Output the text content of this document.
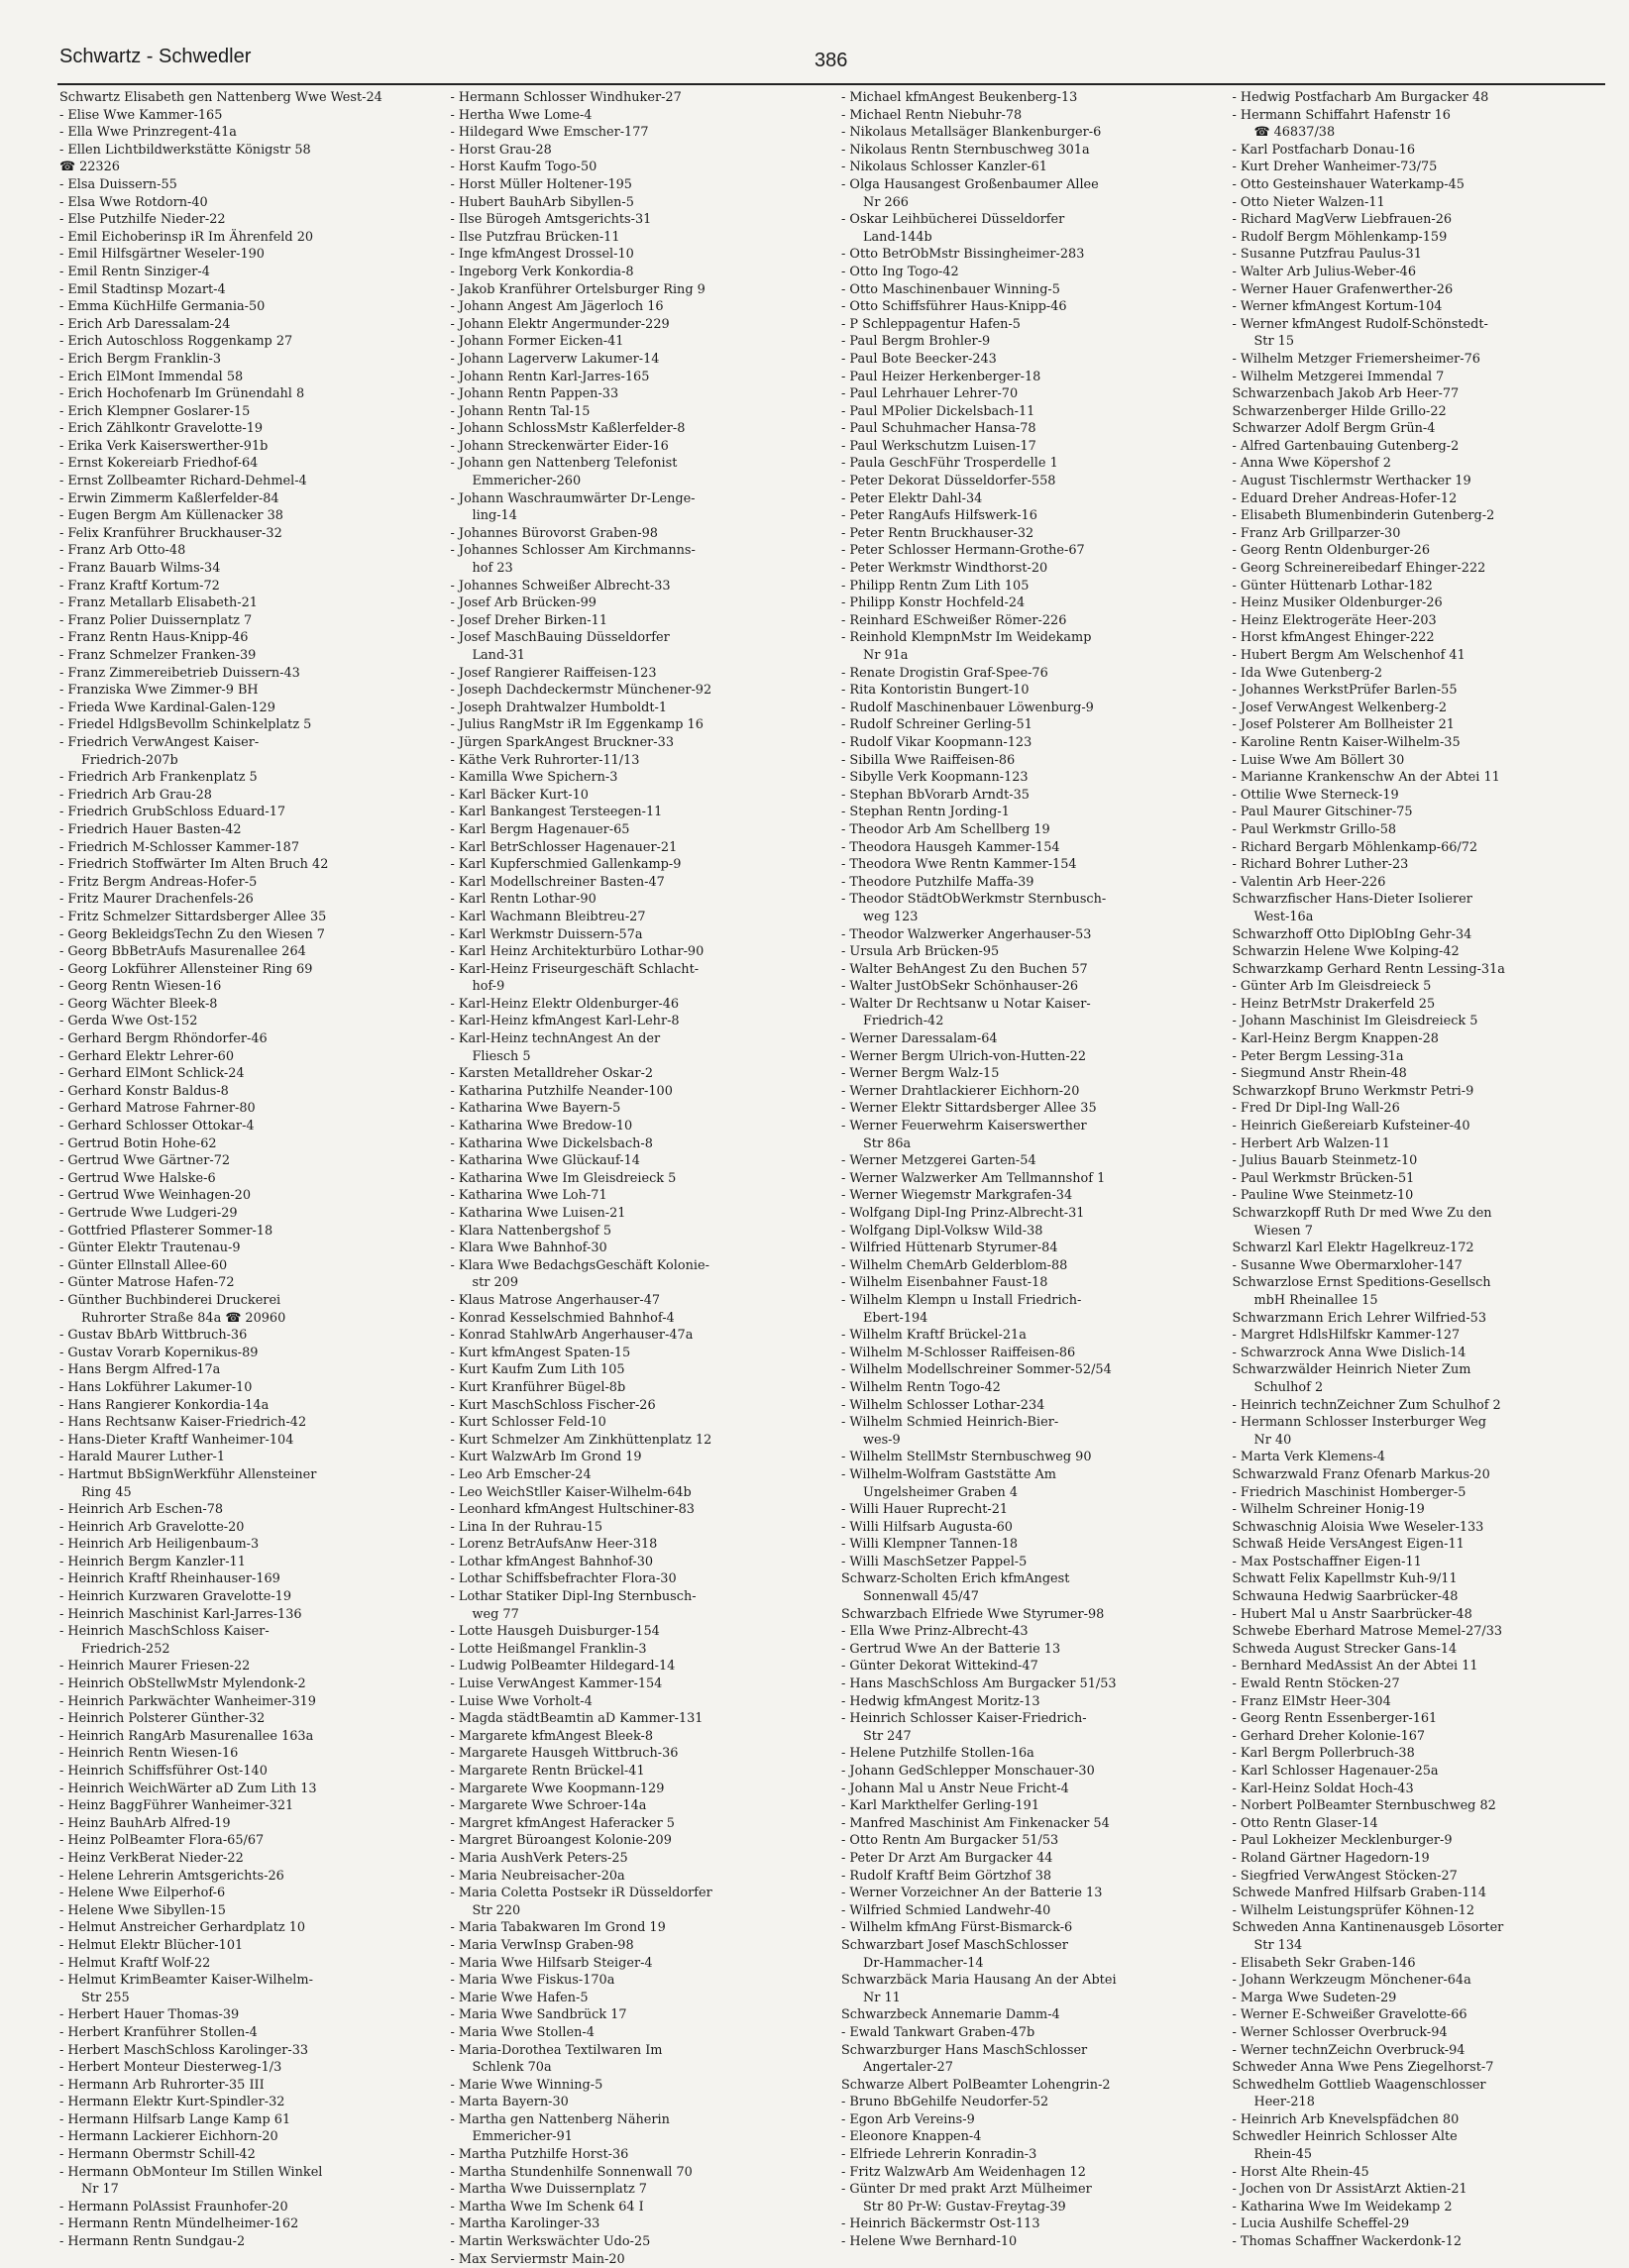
Schwartz - Schwedler	386
Schwartz Elisabeth gen Nattenberg Wwe West-24
- Elise Wwe Kammer-165
- Ella Wwe Prinzregent-41a
- Ellen Lichtbildwerkstätte Königstr 58
☎ 22326
- Elsa Duissern-55
- Elsa Wwe Rotdorn-40
- Else Putzhilfe Nieder-22
- Emil Eichoberinsp iR Im Ährenfeld 20
- Emil Hilfsgärtner Weseler-190
- Emil Rentn Sinziger-4
- Emil Stadtinsp Mozart-4
- Emma KüchHilfe Germania-50
- Erich Arb Daressalam-24
- Erich Autoschloss Roggenkamp 27
- Erich Bergm Franklin-3
- Erich ElMont Immendal 58
- Erich Hochofenarb Im Grünendahl 8
- Erich Klempner Goslarer-15
- Erich Zählkontr Gravelotte-19
- Erika Verk Kaiserswerther-91b
- Ernst Kokereiarb Friedhof-64
- Ernst Zollbeamter Richard-Dehmel-4
- Erwin Zimmerm Kaßlerfelder-84
- Eugen Bergm Am Küllenacker 38
- Felix Kranführer Bruckhauser-32
- Franz Arb Otto-48
- Franz Bauarb Wilms-34
- Franz Kraftf Kortum-72
- Franz Metallarb Elisabeth-21
- Franz Polier Duissernplatz 7
- Franz Rentn Haus-Knipp-46
- Franz Schmelzer Franken-39
- Franz Zimmereibetrieb Duissern-43
- Franziska Wwe Zimmer-9 BH
- Frieda Wwe Kardinal-Galen-129
- Friedel HdlgsBevollm Schinkelplatz 5
- Friedrich VerwAngest Kaiser-
Friedrich-207b
- Friedrich Arb Frankenplatz 5
- Friedrich Arb Grau-28
- Friedrich GrubSchloss Eduard-17
- Friedrich Hauer Basten-42
- Friedrich M-Schlosser Kammer-187
- Friedrich Stoffwärter Im Alten Bruch 42
- Fritz Bergm Andreas-Hofer-5
- Fritz Maurer Drachenfels-26
- Fritz Schmelzer Sittardsberger Allee 35
- Georg BekleidgsTechn Zu den Wiesen 7
- Georg BbBetrAufs Masurenallee 264
- Georg Lokführer Allensteiner Ring 69
- Georg Rentn Wiesen-16
- Georg Wächter Bleek-8
- Gerda Wwe Ost-152
- Gerhard Bergm Rhöndorfer-46
- Gerhard Elektr Lehrer-60
- Gerhard ElMont Schlick-24
- Gerhard Konstr Baldus-8
- Gerhard Matrose Fahrner-80
- Gerhard Schlosser Ottokar-4
- Gertrud Botin Hohe-62
- Gertrud Wwe Gärtner-72
- Gertrud Wwe Halske-6
- Gertrud Wwe Weinhagen-20
- Gertrude Wwe Ludgeri-29
- Gottfried Pflasterer Sommer-18
- Günter Elektr Trautenau-9
- Günter Ellnstall Allee-60
- Günter Matrose Hafen-72
- Günther Buchbinderei Druckerei
Ruhrorter Straße 84a ☎ 20960
- Gustav BbArb Wittbruch-36
- Gustav Vorarb Kopernikus-89
- Hans Bergm Alfred-17a
- Hans Lokführer Lakumer-10
- Hans Rangierer Konkordia-14a
- Hans Rechtsanw Kaiser-Friedrich-42
- Hans-Dieter Kraftf Wanheimer-104
- Harald Maurer Luther-1
- Hartmut BbSignWerkführ Allensteiner
Ring 45
- Heinrich Arb Eschen-78
- Heinrich Arb Gravelotte-20
- Heinrich Arb Heiligenbaum-3
- Heinrich Bergm Kanzler-11
- Heinrich Kraftf Rheinhauser-169
- Heinrich Kurzwaren Gravelotte-19
- Heinrich Maschinist Karl-Jarres-136
- Heinrich MaschSchloss Kaiser-
Friedrich-252
- Heinrich Maurer Friesen-22
- Heinrich ObStellwMstr Mylendonk-2
- Heinrich Parkwächter Wanheimer-319
- Heinrich Polsterer Günther-32
- Heinrich RangArb Masurenallee 163a
- Heinrich Rentn Wiesen-16
- Heinrich Schiffsführer Ost-140
- Heinrich WeichWärter aD Zum Lith 13
- Heinz BaggFührer Wanheimer-321
- Heinz BauhArb Alfred-19
- Heinz PolBeamter Flora-65/67
- Heinz VerkBerat Nieder-22
- Helene Lehrerin Amtsgerichts-26
- Helene Wwe Eilperhof-6
- Helene Wwe Sibyllen-15
- Helmut Anstreicher Gerhardplatz 10
- Helmut Elektr Blücher-101
- Helmut Kraftf Wolf-22
- Helmut KrimBeamter Kaiser-Wilhelm-
Str 255
- Herbert Hauer Thomas-39
- Herbert Kranführer Stollen-4
- Herbert MaschSchloss Karolinger-33
- Herbert Monteur Diesterweg-1/3
- Hermann Arb Ruhrorter-35 III
- Hermann Elektr Kurt-Spindler-32
- Hermann Hilfsarb Lange Kamp 61
- Hermann Lackierer Eichhorn-20
- Hermann Obermstr Schill-42
- Hermann ObMonteur Im Stillen Winkel
Nr 17
- Hermann PolAssist Fraunhofer-20
- Hermann Rentn Mündelheimer-162
- Hermann Rentn Sundgau-2
- Hermann Schlosser Windhuker-27
- Hertha Wwe Lome-4
- Hildegard Wwe Emscher-177
- Horst Grau-28
- Horst Kaufm Togo-50
- Horst Müller Holtener-195
- Hubert BauhArb Sibyllen-5
- Ilse Bürogeh Amtsgerichts-31
- Ilse Putzfrau Brücken-11
- Inge kfmAngest Drossel-10
- Ingeborg Verk Konkordia-8
- Jakob Kranführer Ortelsburger Ring 9
- Johann Angest Am Jägerloch 16
- Johann Elektr Angermunder-229
- Johann Former Eicken-41
- Johann Lagerverw Lakumer-14
- Johann Rentn Karl-Jarres-165
- Johann Rentn Pappen-33
- Johann Rentn Tal-15
- Johann SchlossMstr Kaßlerfelder-8
- Johann Streckenwärter Eider-16
- Johann gen Nattenberg Telefonist
Emmericher-260
- Johann Waschraumwärter Dr-Lenge-
ling-14
- Johannes Bürovorst Graben-98
- Johannes Schlosser Am Kirchmanns-
hof 23
- Johannes Schweißer Albrecht-33
- Josef Arb Brücken-99
- Josef Dreher Birken-11
- Josef MaschBauing Düsseldorfer
Land-31
- Josef Rangierer Raiffeisen-123
- Joseph Dachdeckermstr Münchener-92
- Joseph Drahtwalzer Humboldt-1
- Julius RangMstr iR Im Eggenkamp 16
- Jürgen SparkAngest Bruckner-33
- Käthe Verk Ruhrorter-11/13
- Kamilla Wwe Spichern-3
- Karl Bäcker Kurt-10
- Karl Bankangest Tersteegen-11
- Karl Bergm Hagenauer-65
- Karl BetrSchlosser Hagenauer-21
- Karl Kupferschmied Gallenkamp-9
- Karl Modellschreiner Basten-47
- Karl Rentn Lothar-90
- Karl Wachmann Bleibtreu-27
- Karl Werkmstr Duissern-57a
- Karl Heinz Architekturbüro Lothar-90
- Karl-Heinz Friseurgeschäft Schlacht-
hof-9
- Karl-Heinz Elektr Oldenburger-46
- Karl-Heinz kfmAngest Karl-Lehr-8
- Karl-Heinz technAngest An der
Fliesch 5
- Karsten Metalldreher Oskar-2
- Katharina Putzhilfe Neander-100
- Katharina Wwe Bayern-5
- Katharina Wwe Bredow-10
- Katharina Wwe Dickelsbach-8
- Katharina Wwe Glückauf-14
- Katharina Wwe Im Gleisdreieck 5
- Katharina Wwe Loh-71
- Katharina Wwe Luisen-21
- Klara Nattenbergshof 5
- Klara Wwe Bahnhof-30
- Klara Wwe BedachgsGeschäft Kolonie-
str 209
- Klaus Matrose Angerhauser-47
- Konrad Kesselschmied Bahnhof-4
- Konrad StahlwArb Angerhauser-47a
- Kurt kfmAngest Spaten-15
- Kurt Kaufm Zum Lith 105
- Kurt Kranführer Bügel-8b
- Kurt MaschSchloss Fischer-26
- Kurt Schlosser Feld-10
- Kurt Schmelzer Am Zinkhüttenplatz 12
- Kurt WalzwArb Im Grond 19
- Leo Arb Emscher-24
- Leo WeichStller Kaiser-Wilhelm-64b
- Leonhard kfmAngest Hultschiner-83
- Lina In der Ruhrau-15
- Lorenz BetrAufsAnw Heer-318
- Lothar kfmAngest Bahnhof-30
- Lothar Schiffsbefrachter Flora-30
- Lothar Statiker Dipl-Ing Sternbusch-
weg 77
- Lotte Hausgeh Duisburger-154
- Lotte Heißmangel Franklin-3
- Ludwig PolBeamter Hildegard-14
- Luise VerwAngest Kammer-154
- Luise Wwe Vorholt-4
- Magda städtBeamtin aD Kammer-131
- Margarete kfmAngest Bleek-8
- Margarete Hausgeh Wittbruch-36
- Margarete Rentn Brückel-41
- Margarete Wwe Koopmann-129
- Margarete Wwe Schroer-14a
- Margret kfmAngest Haferacker 5
- Margret Büroangest Kolonie-209
- Maria AushVerk Peters-25
- Maria Neubreisacher-20a
- Maria Coletta Postsekr iR Düsseldorfer
Str 220
- Maria Tabakwaren Im Grond 19
- Maria VerwInsp Graben-98
- Maria Wwe Hilfsarb Steiger-4
- Maria Wwe Fiskus-170a
- Marie Wwe Hafen-5
- Maria Wwe Sandbrück 17
- Maria Wwe Stollen-4
- Maria-Dorothea Textilwaren Im
Schlenk 70a
- Marie Wwe Winning-5
- Marta Bayern-30
- Martha gen Nattenberg Näherin
Emmericher-91
- Martha Putzhilfe Horst-36
- Martha Stundenhilfe Sonnenwall 70
- Martha Wwe Duissernplatz 7
- Martha Wwe Im Schenk 64 I
- Martha Karolinger-33
- Martin Werkswächter Udo-25
- Max Serviermstr Main-20
- Michael kfmAngest Beukenberg-13
- Michael Rentn Niebuhr-78
- Nikolaus Metallsäger Blankenburger-6
- Nikolaus Rentn Sternbuschweg 301a
- Nikolaus Schlosser Kanzler-61
- Olga Hausangest Großenbaumer Allee
Nr 266
- Oskar Leihbücherei Düsseldorfer
Land-144b
- Otto BetrObMstr Bissingheimer-283
- Otto Ing Togo-42
- Otto Maschinenbauer Winning-5
- Otto Schiffsführer Haus-Knipp-46
- P Schleppagentur Hafen-5
- Paul Bergm Brohler-9
- Paul Bote Beecker-243
- Paul Heizer Herkenberger-18
- Paul Lehrhauer Lehrer-70
- Paul MPolier Dickelsbach-11
- Paul Schuhmacher Hansa-78
- Paul Werkschutzm Luisen-17
- Paula GeschFühr Trosperdelle 1
- Peter Dekorat Düsseldorfer-558
- Peter Elektr Dahl-34
- Peter RangAufs Hilfswerk-16
- Peter Rentn Bruckhauser-32
- Peter Schlosser Hermann-Grothe-67
- Peter Werkmstr Windthorst-20
- Philipp Rentn Zum Lith 105
- Philipp Konstr Hochfeld-24
- Reinhard ESchweißer Römer-226
- Reinhold KlempnMstr Im Weidekamp
Nr 91a
- Renate Drogistin Graf-Spee-76
- Rita Kontoristin Bungert-10
- Rudolf Maschinenbauer Löwenburg-9
- Rudolf Schreiner Gerling-51
- Rudolf Vikar Koopmann-123
- Sibilla Wwe Raiffeisen-86
- Sibylle Verk Koopmann-123
- Stephan BbVorarb Arndt-35
- Stephan Rentn Jording-1
- Theodor Arb Am Schellberg 19
- Theodora Hausgeh Kammer-154
- Theodora Wwe Rentn Kammer-154
- Theodore Putzhilfe Maffa-39
- Theodor StädtObWerkmstr Sternbusch-
weg 123
- Theodor Walzwerker Angerhauser-53
- Ursula Arb Brücken-95
- Walter BehAngest Zu den Buchen 57
- Walter JustObSekr Schönhauser-26
- Walter Dr Rechtsanw u Notar Kaiser-
Friedrich-42
- Werner Daressalam-64
- Werner Bergm Ulrich-von-Hutten-22
- Werner Bergm Walz-15
- Werner Drahtlackierer Eichhorn-20
- Werner Elektr Sittardsberger Allee 35
- Werner Feuerwehrm Kaiserswerther
Str 86a
- Werner Metzgerei Garten-54
- Werner Walzwerker Am Tellmannshof 1
- Werner Wiegemstr Markgrafen-34
- Wolfgang Dipl-Ing Prinz-Albrecht-31
- Wolfgang Dipl-Volksw Wild-38
- Wilfried Hüttenarb Styrumer-84
- Wilhelm ChemArb Gelderblom-88
- Wilhelm Eisenbahner Faust-18
- Wilhelm Klempn u Install Friedrich-
Ebert-194
- Wilhelm Kraftf Brückel-21a
- Wilhelm M-Schlosser Raiffeisen-86
- Wilhelm Modellschreiner Sommer-52/54
- Wilhelm Rentn Togo-42
- Wilhelm Schlosser Lothar-234
- Wilhelm Schmied Heinrich-Bier-
wes-9
- Wilhelm StellMstr Sternbuschweg 90
- Wilhelm-Wolfram Gaststätte Am
Ungelsheimer Graben 4
- Willi Hauer Ruprecht-21
- Willi Hilfsarb Augusta-60
- Willi Klempner Tannen-18
- Willi MaschSetzer Pappel-5
Schwarz-Scholten Erich kfmAngest
Sonnenwall 45/47
Schwarzbach Elfriede Wwe Styrumer-98
- Ella Wwe Prinz-Albrecht-43
- Gertrud Wwe An der Batterie 13
- Günter Dekorat Wittekind-47
- Hans MaschSchloss Am Burgacker 51/53
- Hedwig kfmAngest Moritz-13
- Heinrich Schlosser Kaiser-Friedrich-
Str 247
- Helene Putzhilfe Stollen-16a
- Johann GedSchlepper Monschauer-30
- Johann Mal u Anstr Neue Fricht-4
- Karl Markthelfer Gerling-191
- Manfred Maschinist Am Finkenacker 54
- Otto Rentn Am Burgacker 51/53
- Peter Dr Arzt Am Burgacker 44
- Rudolf Kraftf Beim Görtzhof 38
- Werner Vorzeichner An der Batterie 13
- Wilfried Schmied Landwehr-40
- Wilhelm kfmAng Fürst-Bismarck-6
Schwarzbart Josef MaschSchlosser
Dr-Hammacher-14
Schwarzbäck Maria Hausang An der Abtei
Nr 11
Schwarzbeck Annemarie Damm-4
- Ewald Tankwart Graben-47b
Schwarzburger Hans MaschSchlosser
Angertaler-27
Schwarze Albert PolBeamter Lohengrin-2
- Bruno BbGehilfe Neudorfer-52
- Egon Arb Vereins-9
- Eleonore Knappen-4
- Elfriede Lehrerin Konradin-3
- Fritz WalzwArb Am Weidenhagen 12
- Günter Dr med prakt Arzt Mülheimer
Str 80 Pr-W: Gustav-Freytag-39
- Heinrich Bäckermstr Ost-113
- Helene Wwe Bernhard-10
- Hedwig Postfacharb Am Burgacker 48
- Hermann Schiffahrt Hafenstr 16
☎ 46837/38
- Karl Postfacharb Donau-16
- Kurt Dreher Wanheimer-73/75
- Otto Gesteinshauer Waterkamp-45
- Otto Nieter Walzen-11
- Richard MagVerw Liebfrauen-26
- Rudolf Bergm Möhlenkamp-159
- Susanne Putzfrau Paulus-31
- Walter Arb Julius-Weber-46
- Werner Hauer Grafenwerther-26
- Werner kfmAngest Kortum-104
- Werner kfmAngest Rudolf-Schönstedt-
Str 15
- Wilhelm Metzger Friemersheimer-76
- Wilhelm Metzgerei Immendal 7
Schwarzenbach Jakob Arb Heer-77
Schwarzenberger Hilde Grillo-22
Schwarzer Adolf Bergm Grün-4
- Alfred Gartenbauing Gutenberg-2
- Anna Wwe Köpershof 2
- August Tischlermstr Werthacker 19
- Eduard Dreher Andreas-Hofer-12
- Elisabeth Blumenbinderin Gutenberg-2
- Franz Arb Grillparzer-30
- Georg Rentn Oldenburger-26
- Georg Schreinereibedarf Ehinger-222
- Günter Hüttenarb Lothar-182
- Heinz Musiker Oldenburger-26
- Heinz Elektrogeräte Heer-203
- Horst kfmAngest Ehinger-222
- Hubert Bergm Am Welschenhof 41
- Ida Wwe Gutenberg-2
- Johannes WerkstPrüfer Barlen-55
- Josef VerwAngest Welkenberg-2
- Josef Polsterer Am Bollheister 21
- Karoline Rentn Kaiser-Wilhelm-35
- Luise Wwe Am Böllert 30
- Marianne Krankenschw An der Abtei 11
- Ottilie Wwe Sterneck-19
- Paul Maurer Gitschiner-75
- Paul Werkmstr Grillo-58
- Richard Bergarb Möhlenkamp-66/72
- Richard Bohrer Luther-23
- Valentin Arb Heer-226
Schwarzfischer Hans-Dieter Isolierer
West-16a
Schwarzhoff Otto DiplObIng Gehr-34
Schwarzin Helene Wwe Kolping-42
Schwarzkamp Gerhard Rentn Lessing-31a
- Günter Arb Im Gleisdreieck 5
- Heinz BetrMstr Drakerfeld 25
- Johann Maschinist Im Gleisdreieck 5
- Karl-Heinz Bergm Knappen-28
- Peter Bergm Lessing-31a
- Siegmund Anstr Rhein-48
Schwarzkopf Bruno Werkmstr Petri-9
- Fred Dr Dipl-Ing Wall-26
- Heinrich Gießereiarb Kufsteiner-40
- Herbert Arb Walzen-11
- Julius Bauarb Steinmetz-10
- Paul Werkmstr Brücken-51
- Pauline Wwe Steinmetz-10
Schwarzkopff Ruth Dr med Wwe Zu den
Wiesen 7
Schwarzl Karl Elektr Hagelkreuz-172
- Susanne Wwe Obermarxloher-147
Schwarzlose Ernst Speditions-Gesellsch
mbH Rheinallee 15
Schwarzmann Erich Lehrer Wilfried-53
- Margret HdlsHilfskr Kammer-127
- Schwarzrock Anna Wwe Dislich-14
Schwarzwälder Heinrich Nieter Zum
Schulhof 2
- Heinrich technZeichner Zum Schulhof 2
- Hermann Schlosser Insterburger Weg
Nr 40
- Marta Verk Klemens-4
Schwarzwald Franz Ofenarb Markus-20
- Friedrich Maschinist Homberger-5
- Wilhelm Schreiner Honig-19
Schwaschnig Aloisia Wwe Weseler-133
Schwaß Heide VersAngest Eigen-11
- Max Postschaffner Eigen-11
Schwatt Felix Kapellmstr Kuh-9/11
Schwauna Hedwig Saarbrücker-48
- Hubert Mal u Anstr Saarbrücker-48
Schwebe Eberhard Matrose Memel-27/33
Schweda August Strecker Gans-14
- Bernhard MedAssist An der Abtei 11
- Ewald Rentn Stöcken-27
- Franz ElMstr Heer-304
- Georg Rentn Essenberger-161
- Gerhard Dreher Kolonie-167
- Karl Bergm Pollerbruch-38
- Karl Schlosser Hagenauer-25a
- Karl-Heinz Soldat Hoch-43
- Norbert PolBeamter Sternbuschweg 82
- Otto Rentn Glaser-14
- Paul Lokheizer Mecklenburger-9
- Roland Gärtner Hagedorn-19
- Siegfried VerwAngest Stöcken-27
Schwede Manfred Hilfsarb Graben-114
- Wilhelm Leistungsprüfer Köhnen-12
Schweden Anna Kantinenausgeb Lösorter
Str 134
- Elisabeth Sekr Graben-146
- Johann Werkzeugm Mönchener-64a
- Marga Wwe Sudeten-29
- Werner E-Schweißer Gravelotte-66
- Werner Schlosser Overbruck-94
- Werner technZeichn Overbruck-94
Schweder Anna Wwe Pens Ziegelhorst-7
Schwedhelm Gottlieb Waagenschlosser
Heer-218
- Heinrich Arb Knevelspfädchen 80
Schwedler Heinrich Schlosser Alte
Rhein-45
- Horst Alte Rhein-45
- Jochen von Dr AssistArzt Aktien-21
- Katharina Wwe Im Weidekamp 2
- Lucia Aushilfe Scheffel-29
- Thomas Schaffner Wackerdonk-12
